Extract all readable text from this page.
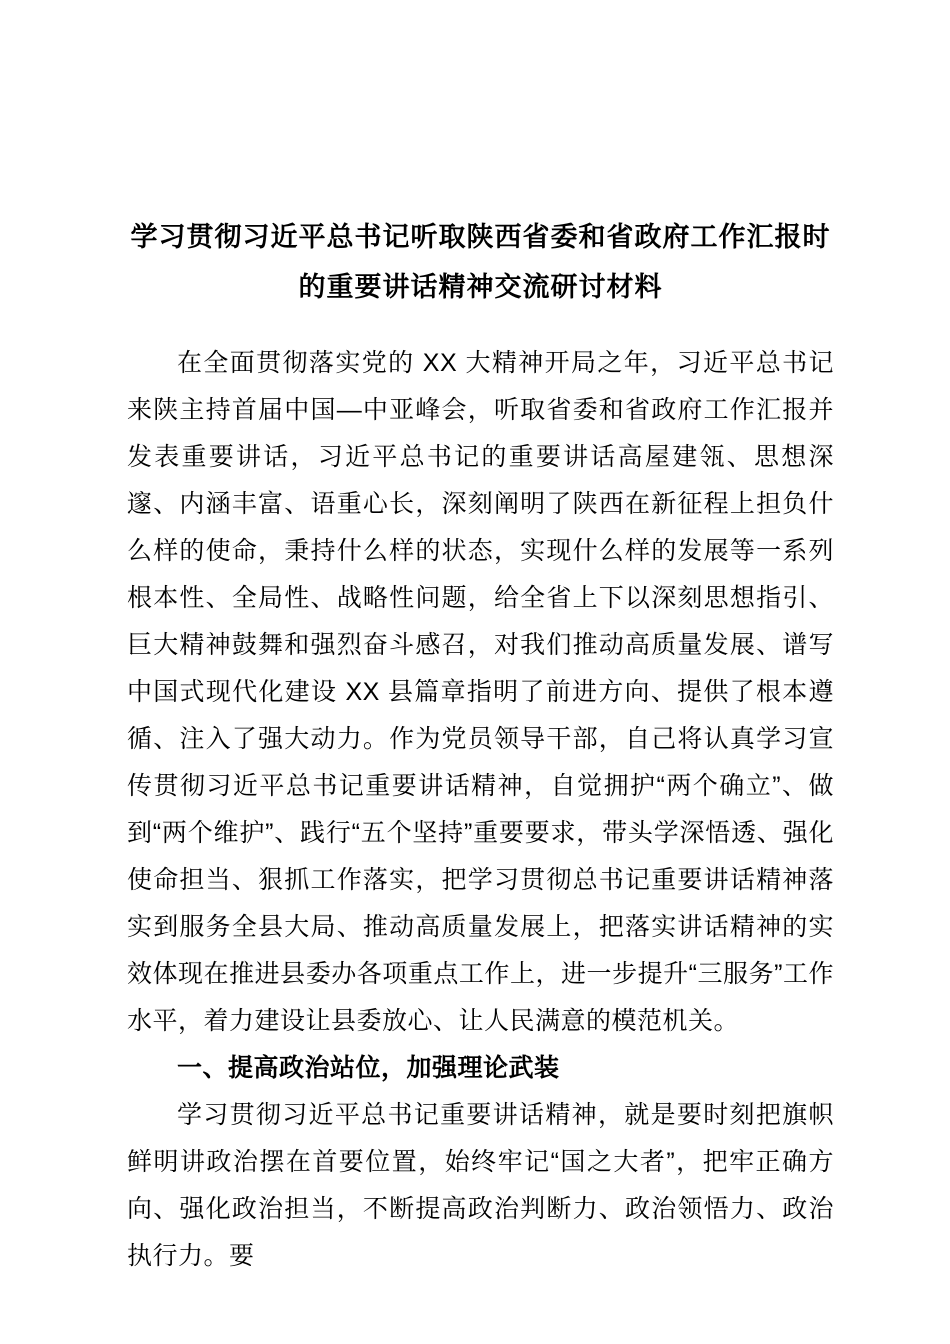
学习贯彻习近平总书记听取陕西省委和省政府工作汇报时的重要讲话精神交流研讨材料

在全面贯彻落实党的 XX 大精神开局之年，习近平总书记来陕主持首届中国—中亚峰会，听取省委和省政府工作汇报并发表重要讲话，习近平总书记的重要讲话高屋建瓴、思想深邃、内涵丰富、语重心长，深刻阐明了陕西在新征程上担负什么样的使命，秉持什么样的状态，实现什么样的发展等一系列根本性、全局性、战略性问题，给全省上下以深刻思想指引、巨大精神鼓舞和强烈奋斗感召，对我们推动高质量发展、谱写中国式现代化建设 XX 县篇章指明了前进方向、提供了根本遵循、注入了强大动力。作为党员领导干部，自己将认真学习宣传贯彻习近平总书记重要讲话精神，自觉拥护“两个确立”、做到“两个维护”、践行“五个坚持”重要要求，带头学深悟透、强化使命担当、狠抓工作落实，把学习贯彻总书记重要讲话精神落实到服务全县大局、推动高质量发展上，把落实讲话精神的实效体现在推进县委办各项重点工作上，进一步提升“三服务”工作水平，着力建设让县委放心、让人民满意的模范机关。

一、提高政治站位，加强理论武装

学习贯彻习近平总书记重要讲话精神，就是要时刻把旗帜鲜明讲政治摆在首要位置，始终牢记“国之大者”，把牢正确方向、强化政治担当，不断提高政治判断力、政治领悟力、政治执行力。要
